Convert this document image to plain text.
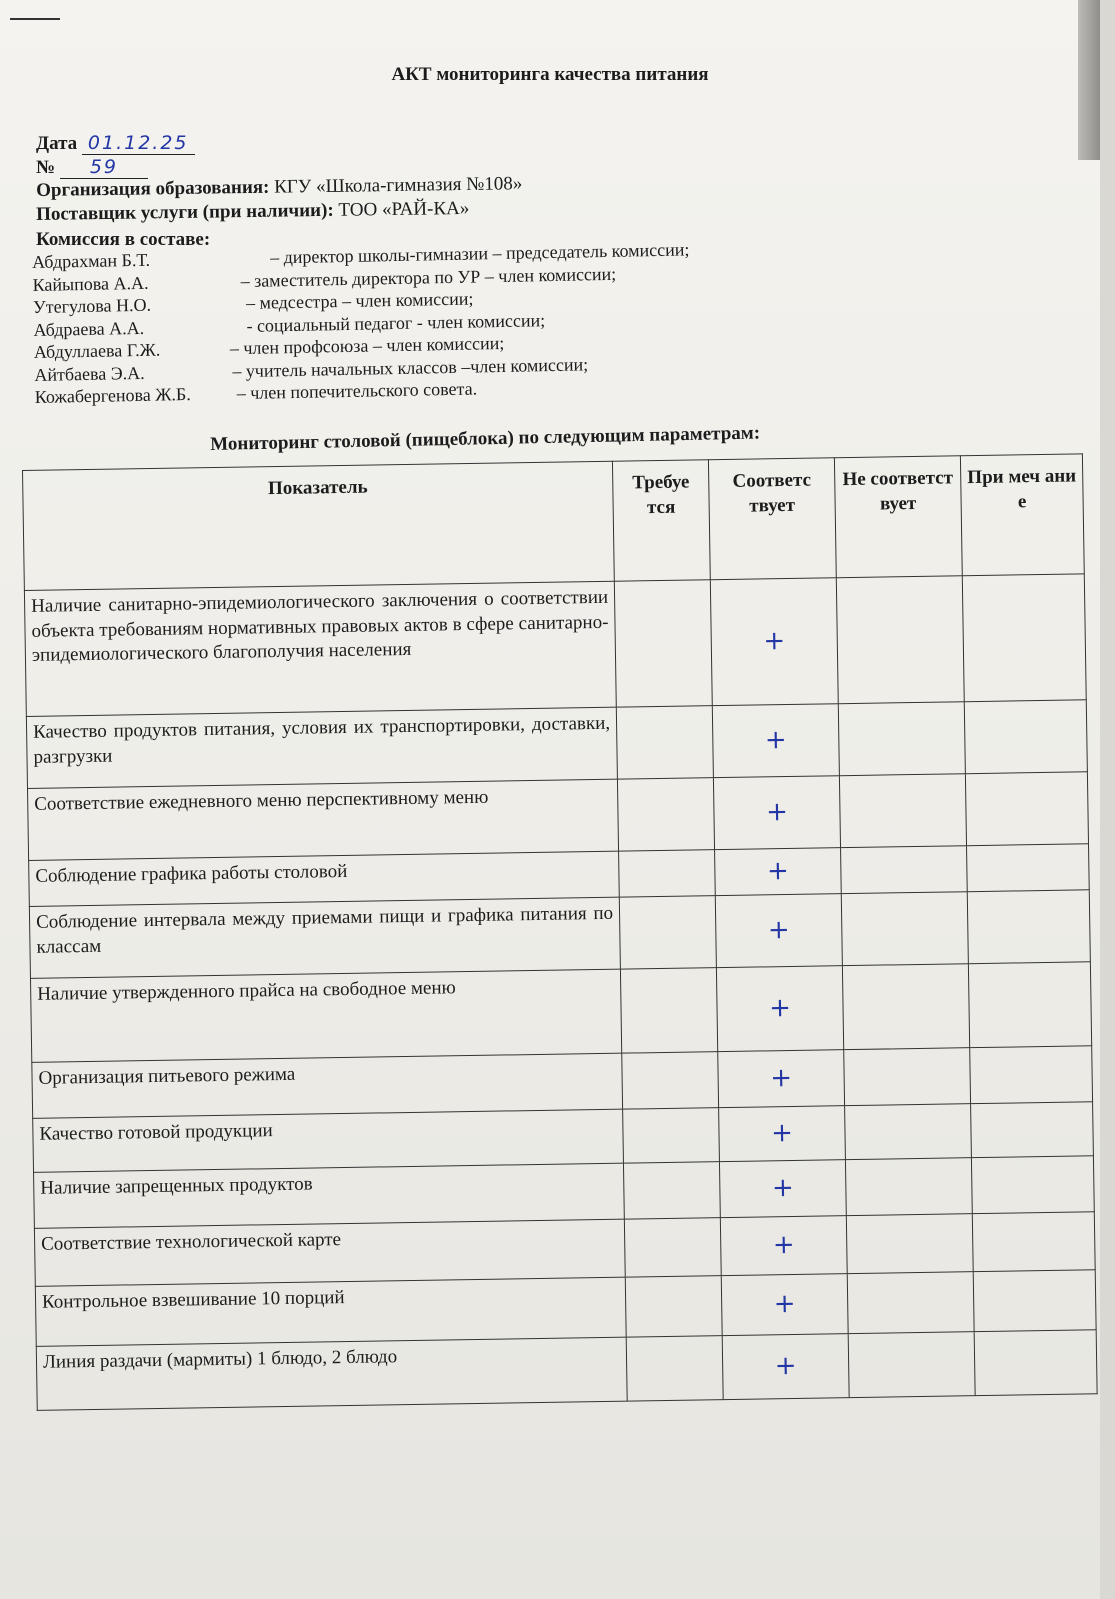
АКТ мониторинга качества питания
Дата 01.12.25
№ 59
Организация образования: КГУ «Школа-гимназия №108»
Поставщик услуги (при наличии): ТОО «РАЙ-КА»
Комиссия в составе:
Абдрахман Б.Т.	– директор школы-гимназии – председатель комиссии;
Кайыпова А.А.	– заместитель директора по УР – член комиссии;
Утегулова Н.О.	– медсестра – член комиссии;
Абдраева А.А.	- социальный педагог - член комиссии;
Абдуллаева Г.Ж.	– член профсоюза – член комиссии;
Айтбаева Э.А.	– учитель начальных классов –член комиссии;
Кожабергенова Ж.Б.	– член попечительского совета.
Мониторинг столовой (пищеблока) по следующим параметрам:
Показатель	Требуе тся	Соответс твует	Не соответст вует	При меч ани е
Наличие санитарно-эпидемиологического заключения о соответствии объекта требованиям нормативных правовых актов в сфере санитарно-эпидемиологического благополучия населения		+		
Качество продуктов питания, условия их транспортировки, доставки, разгрузки		+		
Соответствие ежедневного меню перспективному меню		+		
Соблюдение графика работы столовой		+		
Соблюдение интервала между приемами пищи и графика питания по классам		+		
Наличие утвержденного прайса на свободное меню		+		
Организация питьевого режима		+		
Качество готовой продукции		+		
Наличие запрещенных продуктов		+		
Соответствие технологической карте		+		
Контрольное взвешивание 10 порций		+		
Линия раздачи (мармиты) 1 блюдо, 2 блюдо		+		
